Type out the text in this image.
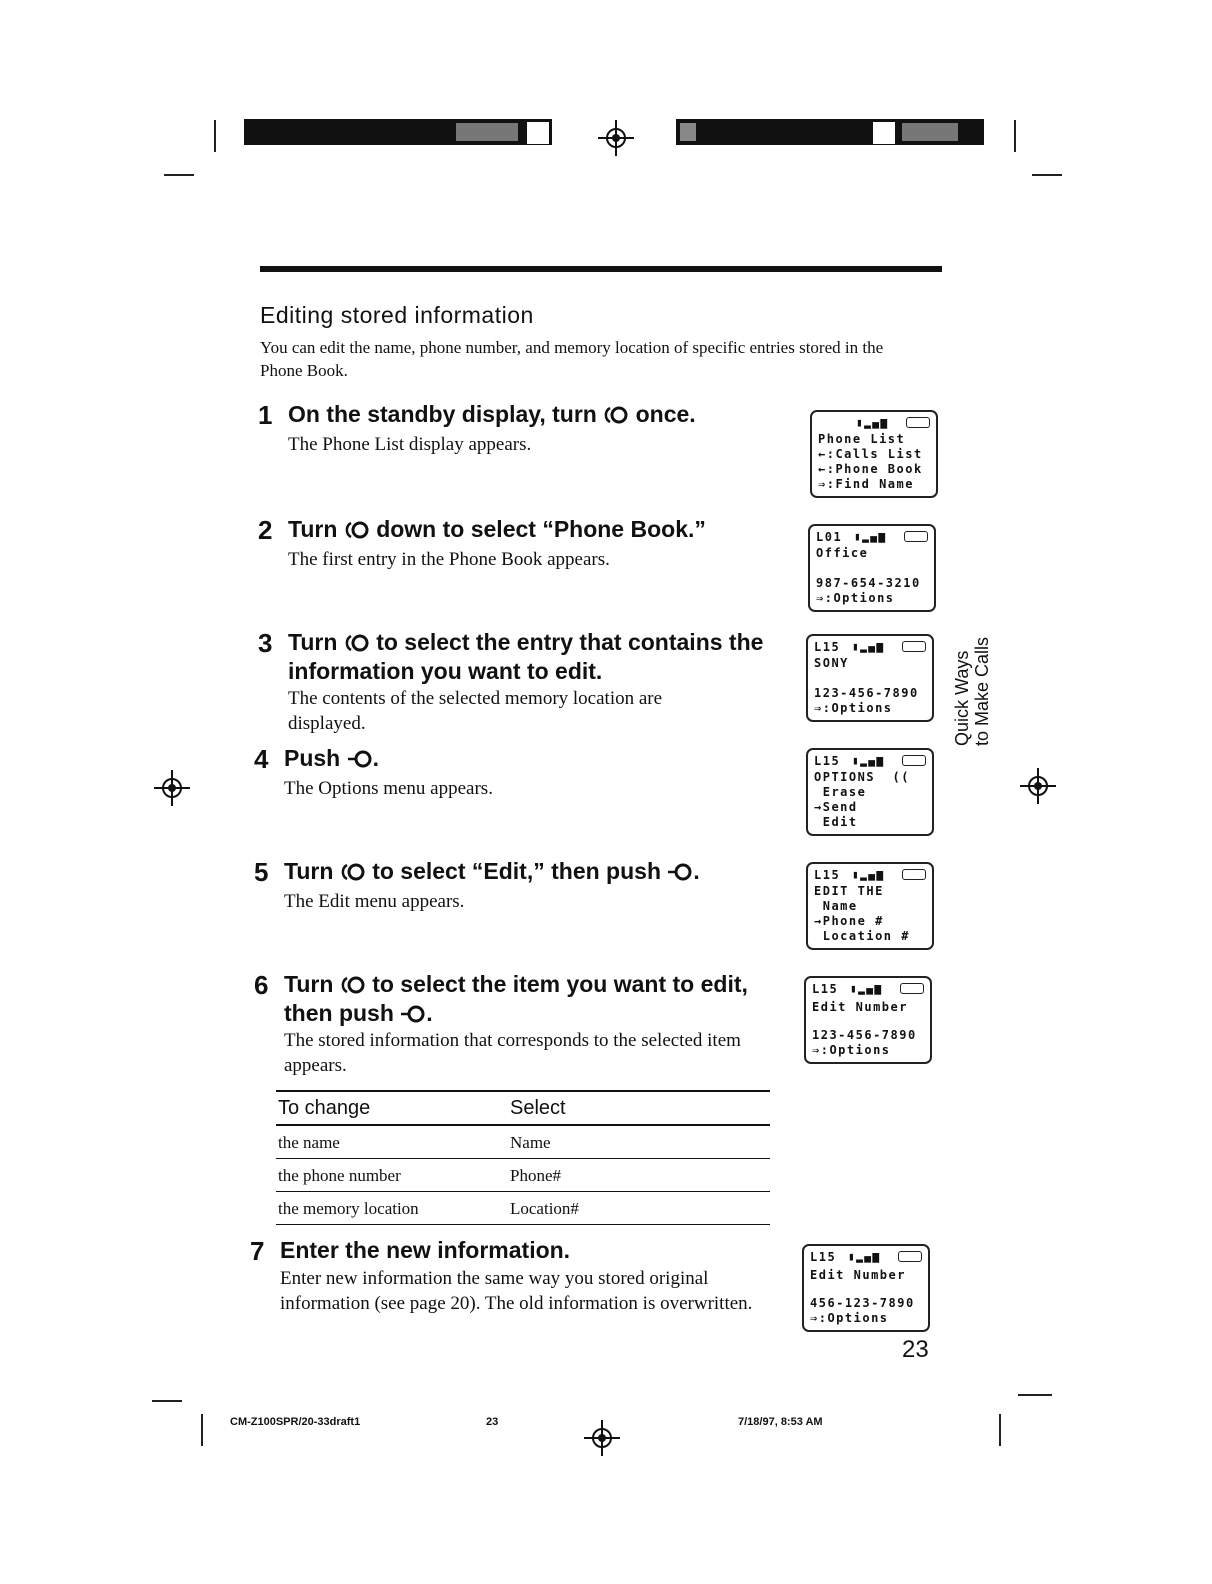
Editing stored information
You can edit the name, phone number, and memory location of specific entries stored in the Phone Book.
1 On the standby display, turn once.
The Phone List display appears.
2 Turn down to select “Phone Book.”
The first entry in the Phone Book appears.
3 Turn to select the entry that contains the information you want to edit.
The contents of the selected memory location are displayed.
4 Push .
The Options menu appears.
5 Turn to select “Edit,” then push .
The Edit menu appears.
6 Turn to select the item you want to edit, then push .
The stored information that corresponds to the selected item appears.
To change	Select
the name	Name
the phone number	Phone#
the memory location	Location#
7 Enter the new information.
Enter new information the same way you stored original information (see page 20). The old information is overwritten.
▮▂▄▆
Phone List
←:Calls List
←:Phone Book
⇒:Find Name
L01 ▮▂▄▆
Office
987-654-3210
⇒:Options
L15 ▮▂▄▆
SONY
123-456-7890
⇒:Options
L15 ▮▂▄▆
OPTIONS  ((
Erase
→Send
Edit
L15 ▮▂▄▆
EDIT THE
Name
→Phone #
Location #
L15 ▮▂▄▆
Edit Number
123-456-7890
⇒:Options
L15 ▮▂▄▆
Edit Number
456-123-7890
⇒:Options
Quick Ways to Make Calls
23
CM-Z100SPR/20-33draft1	23	7/18/97, 8:53 AM
